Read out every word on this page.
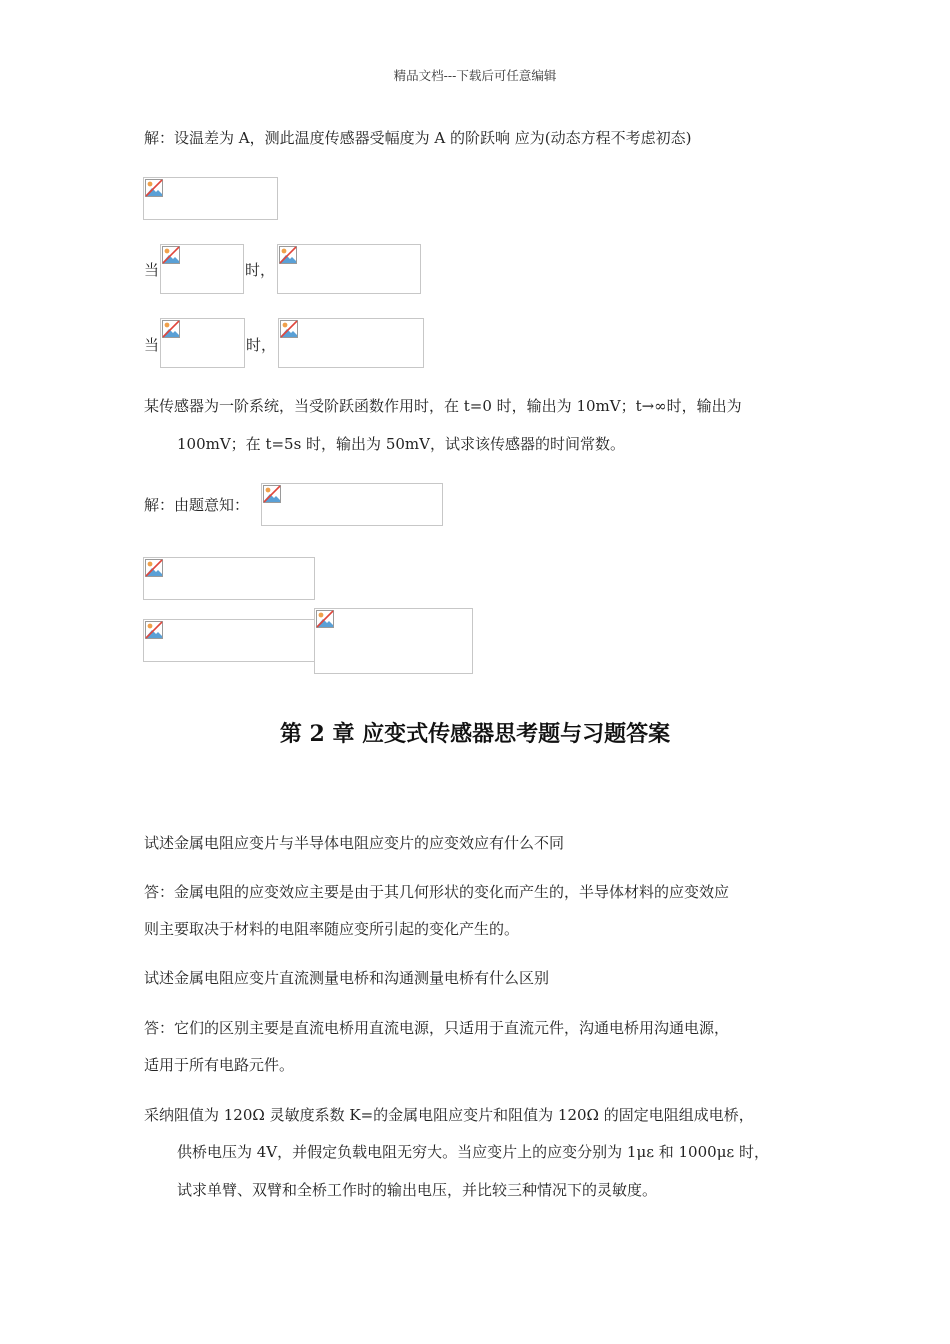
精品文档---下载后可任意编辑
解：设温差为 A，测此温度传感器受幅度为 A 的阶跃响 应为(动态方程不考虑初态)
当	时，
当	时，
某传感器为一阶系统，当受阶跃函数作用时，在 t=0 时，输出为 10mV；t→∞时，输出为
100mV；在 t=5s 时，输出为 50mV，试求该传感器的时间常数。
解：由题意知：
第 2 章 应变式传感器思考题与习题答案
试述金属电阻应变片与半导体电阻应变片的应变效应有什么不同
答：金属电阻的应变效应主要是由于其几何形状的变化而产生的，半导体材料的应变效应
则主要取决于材料的电阻率随应变所引起的变化产生的。
试述金属电阻应变片直流测量电桥和沟通测量电桥有什么区别
答：它们的区别主要是直流电桥用直流电源，只适用于直流元件，沟通电桥用沟通电源，
适用于所有电路元件。
采纳阻值为 120Ω 灵敏度系数 K=的金属电阻应变片和阻值为 120Ω 的固定电阻组成电桥，
供桥电压为 4V，并假定负载电阻无穷大。当应变片上的应变分别为 1με 和 1000με 时，
试求单臂、双臂和全桥工作时的输出电压，并比较三种情况下的灵敏度。
